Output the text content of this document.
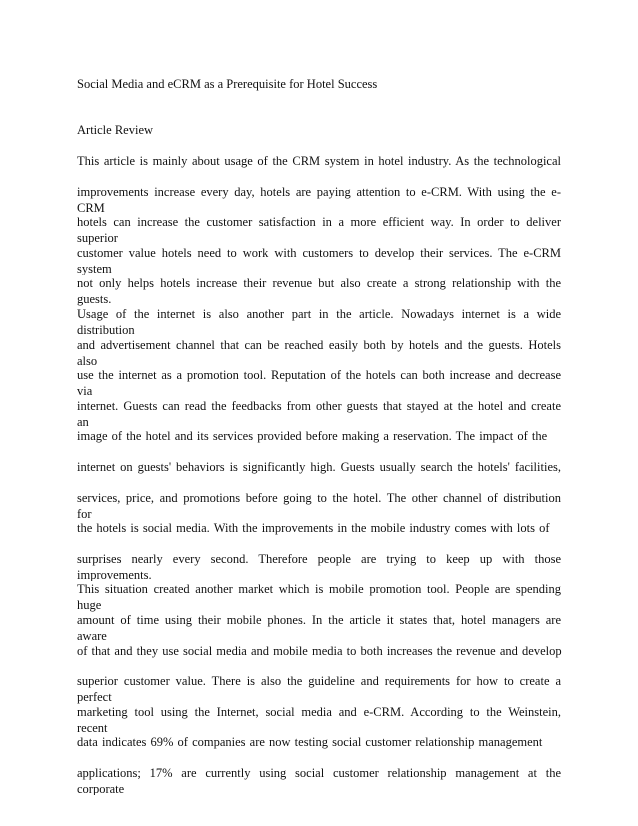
Social Media and eCRM as a Prerequisite for Hotel Success
Article Review
This article is mainly about usage of the CRM system in hotel industry. As the technological
improvements increase every day, hotels are paying attention to e-CRM. With using the e-CRM
hotels can increase the customer satisfaction in a more efficient way. In order to deliver superior
customer value hotels need to work with customers to develop their services. The e-CRM system
not only helps hotels increase their revenue but also create a strong relationship with the guests.
Usage of the internet is also another part in the article. Nowadays internet is a wide distribution
and advertisement channel that can be reached easily both by hotels and the guests. Hotels also
use the internet as a promotion tool. Reputation of the hotels can both increase and decrease via
internet. Guests can read the feedbacks from other guests that stayed at the hotel and create an
image of the hotel and its services provided before making a reservation. The impact of the
internet on guests' behaviors is significantly high. Guests usually search the hotels' facilities,
services, price, and promotions before going to the hotel. The other channel of distribution for
the hotels is social media. With the improvements in the mobile industry comes with lots of
surprises nearly every second. Therefore people are trying to keep up with those improvements.
This situation created another market which is mobile promotion tool. People are spending huge
amount of time using their mobile phones. In the article it states that, hotel managers are aware
of that and they use social media and mobile media to both increases the revenue and develop
superior customer value. There is also the guideline and requirements for how to create a perfect
marketing tool using the Internet, social media and e-CRM. According to the Weinstein, recent
data indicates 69% of companies are now testing social customer relationship management
applications; 17% are currently using social customer relationship management at the corporate
